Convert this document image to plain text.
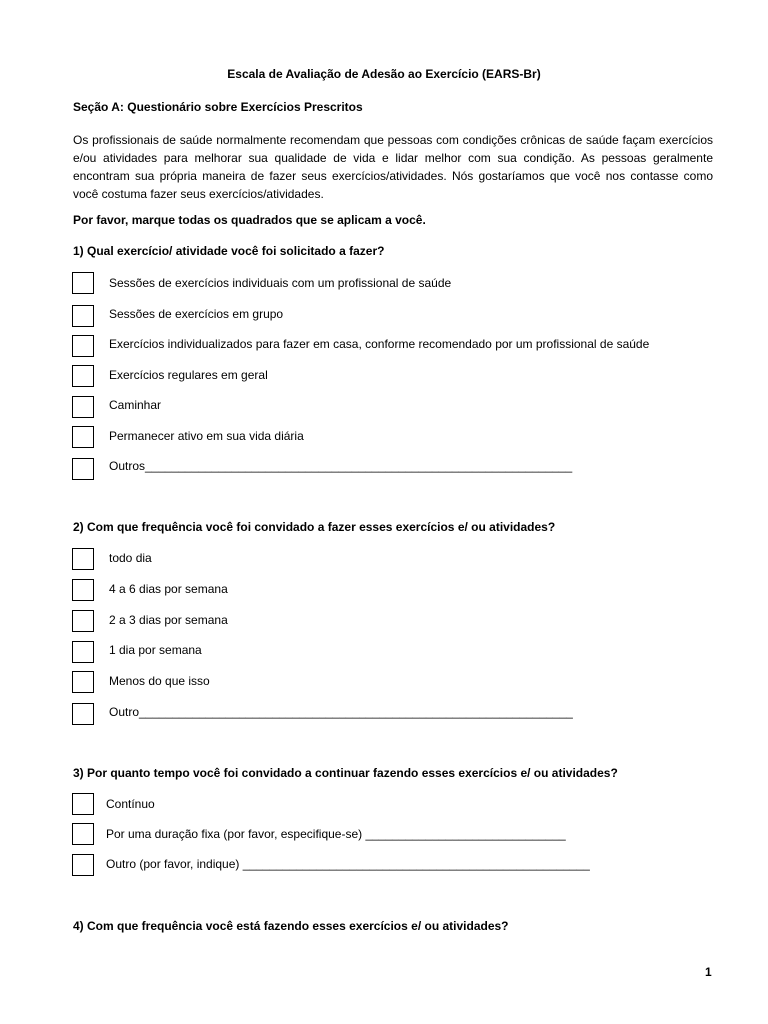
Escala de Avaliação de Adesão ao Exercício (EARS-Br)
Seção A: Questionário sobre Exercícios Prescritos
Os profissionais de saúde normalmente recomendam que pessoas com condições crônicas de saúde façam exercícios e/ou atividades para melhorar sua qualidade de vida e lidar melhor com sua condição. As pessoas geralmente encontram sua própria maneira de fazer seus exercícios/atividades. Nós gostaríamos que você nos contasse como você costuma fazer seus exercícios/atividades.
Por favor, marque todas os quadrados que se aplicam a você.
1) Qual exercício/ atividade você foi solicitado a fazer?
Sessões de exercícios individuais com um profissional de saúde
Sessões de exercícios em grupo
Exercícios individualizados para fazer em casa, conforme recomendado por um profissional de saúde
Exercícios regulares em geral
Caminhar
Permanecer ativo em sua vida diária
Outros________________________________________________________________
2) Com que frequência você foi convidado a fazer esses exercícios e/ ou atividades?
todo dia
4 a 6 dias por semana
2 a 3 dias por semana
1 dia por semana
Menos do que isso
Outro_________________________________________________________________
3) Por quanto tempo você foi convidado a continuar fazendo esses exercícios e/ ou atividades?
Contínuo
Por uma duração fixa (por favor, especifique-se) ______________________________
Outro (por favor, indique) ____________________________________________________
4) Com que frequência você está fazendo esses exercícios e/ ou atividades?
1
